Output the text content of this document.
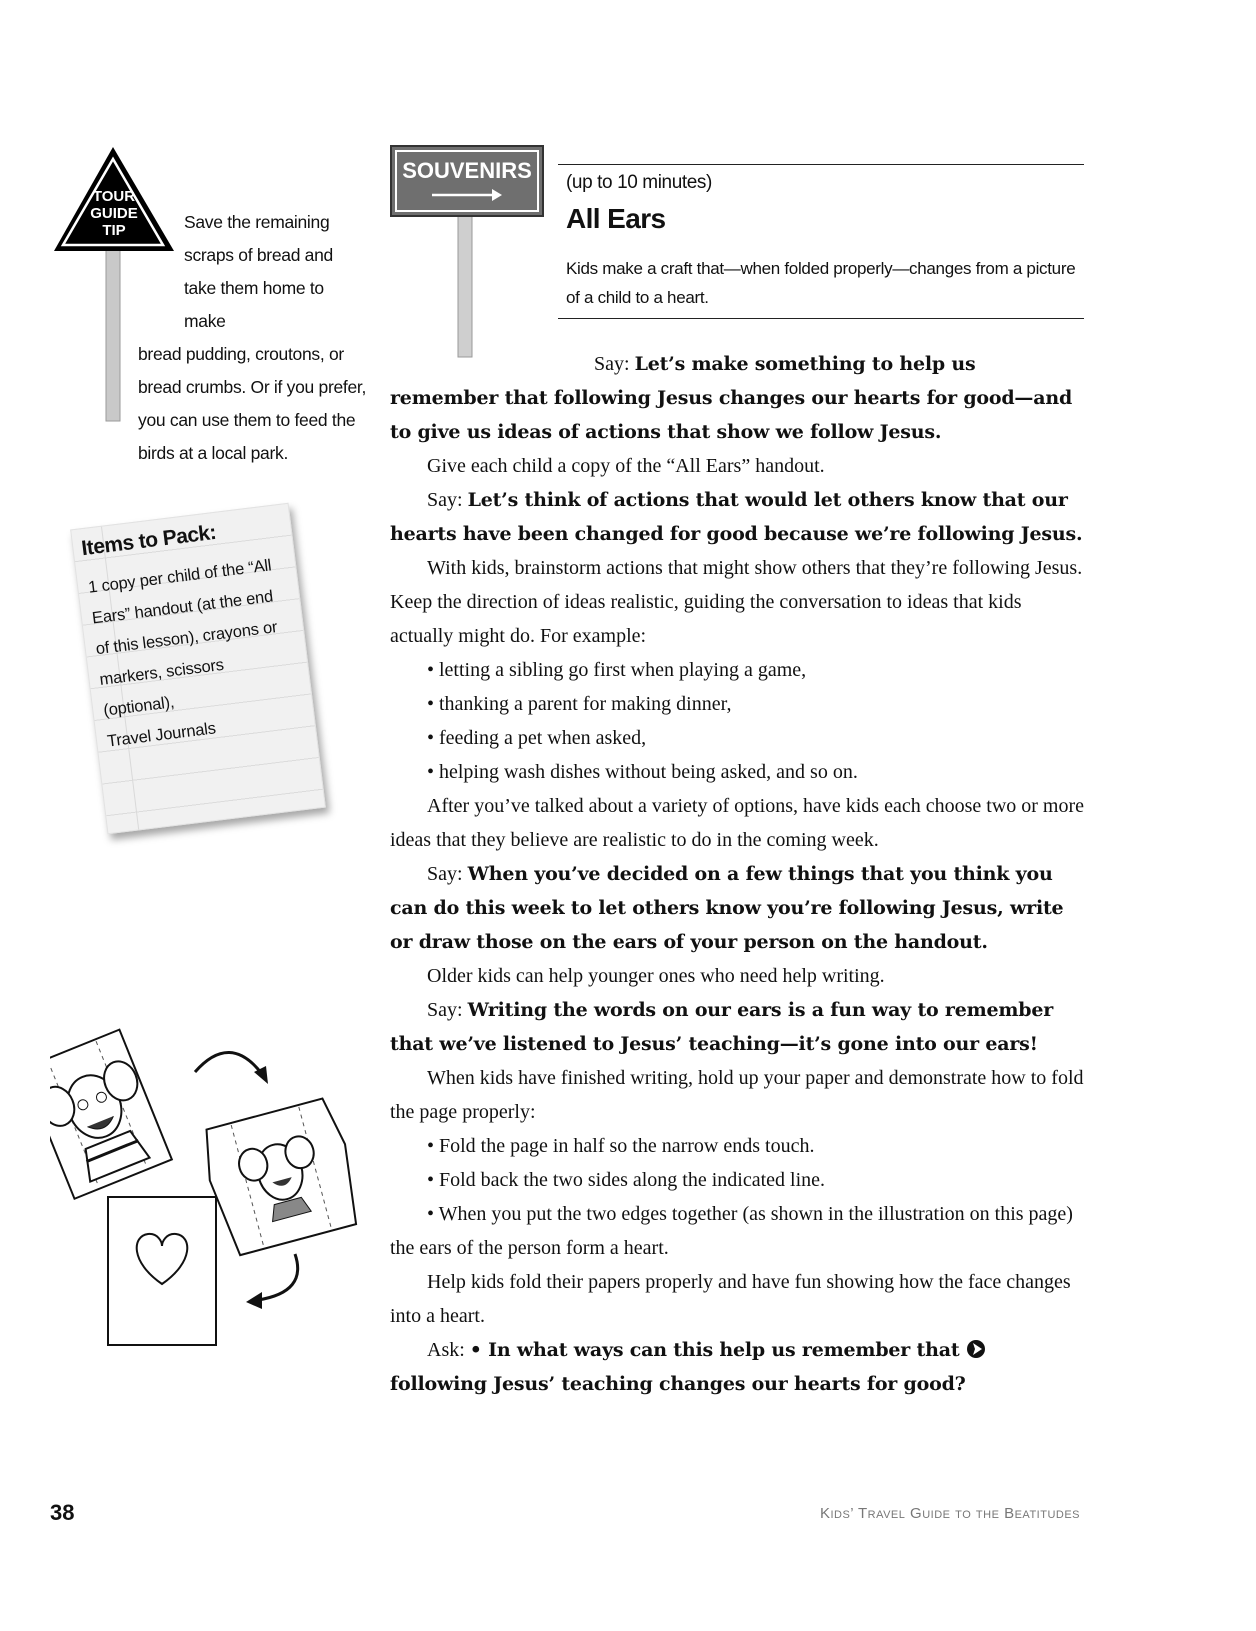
TOUR
GUIDE
TIP	Save the remaining
scraps of bread and
take them home to make
bread pudding, croutons, or
bread crumbs. Or if you prefer,
you can use them to feed the
birds at a local park.
Items to Pack:
1 copy per child of the “All
Ears” handout (at the end
of this lesson), crayons or
markers, scissors (optional),
Travel Journals
SOUVENIRS (up to 10 minutes)
All Ears
Kids make a craft that—when folded properly—changes from a picture of a child to a heart.

Say: Let’s make something to help us remember that following Jesus changes our hearts for good—and to give us ideas of actions that show we follow Jesus.

Give each child a copy of the “All Ears” handout.

Say: Let’s think of actions that would let others know that our hearts have been changed for good because we’re following Jesus.

With kids, brainstorm actions that might show others that they’re following Jesus. Keep the direction of ideas realistic, guiding the conversation to ideas that kids actually might do. For example:

• letting a sibling go first when playing a game,

• thanking a parent for making dinner,

• feeding a pet when asked,

• helping wash dishes without being asked, and so on.

After you’ve talked about a variety of options, have kids each choose two or more ideas that they believe are realistic to do in the coming week.

Say: When you’ve decided on a few things that you think you can do this week to let others know you’re following Jesus, write or draw those on the ears of your person on the handout.

Older kids can help younger ones who need help writing.

Say: Writing the words on our ears is a fun way to remember that we’ve listened to Jesus’ teaching—it’s gone into our ears!

When kids have finished writing, hold up your paper and demonstrate how to fold the page properly:

• Fold the page in half so the narrow ends touch.

• Fold back the two sides along the indicated line.

• When you put the two edges together (as shown in the illustration on this page) the ears of the person form a heart.

Help kids fold their papers properly and have fun showing how the face changes into a heart.

Ask: • In what ways can this help us remember that  following Jesus’ teaching changes our hearts for good?

38	Kids’ Travel Guide to the Beatitudes
